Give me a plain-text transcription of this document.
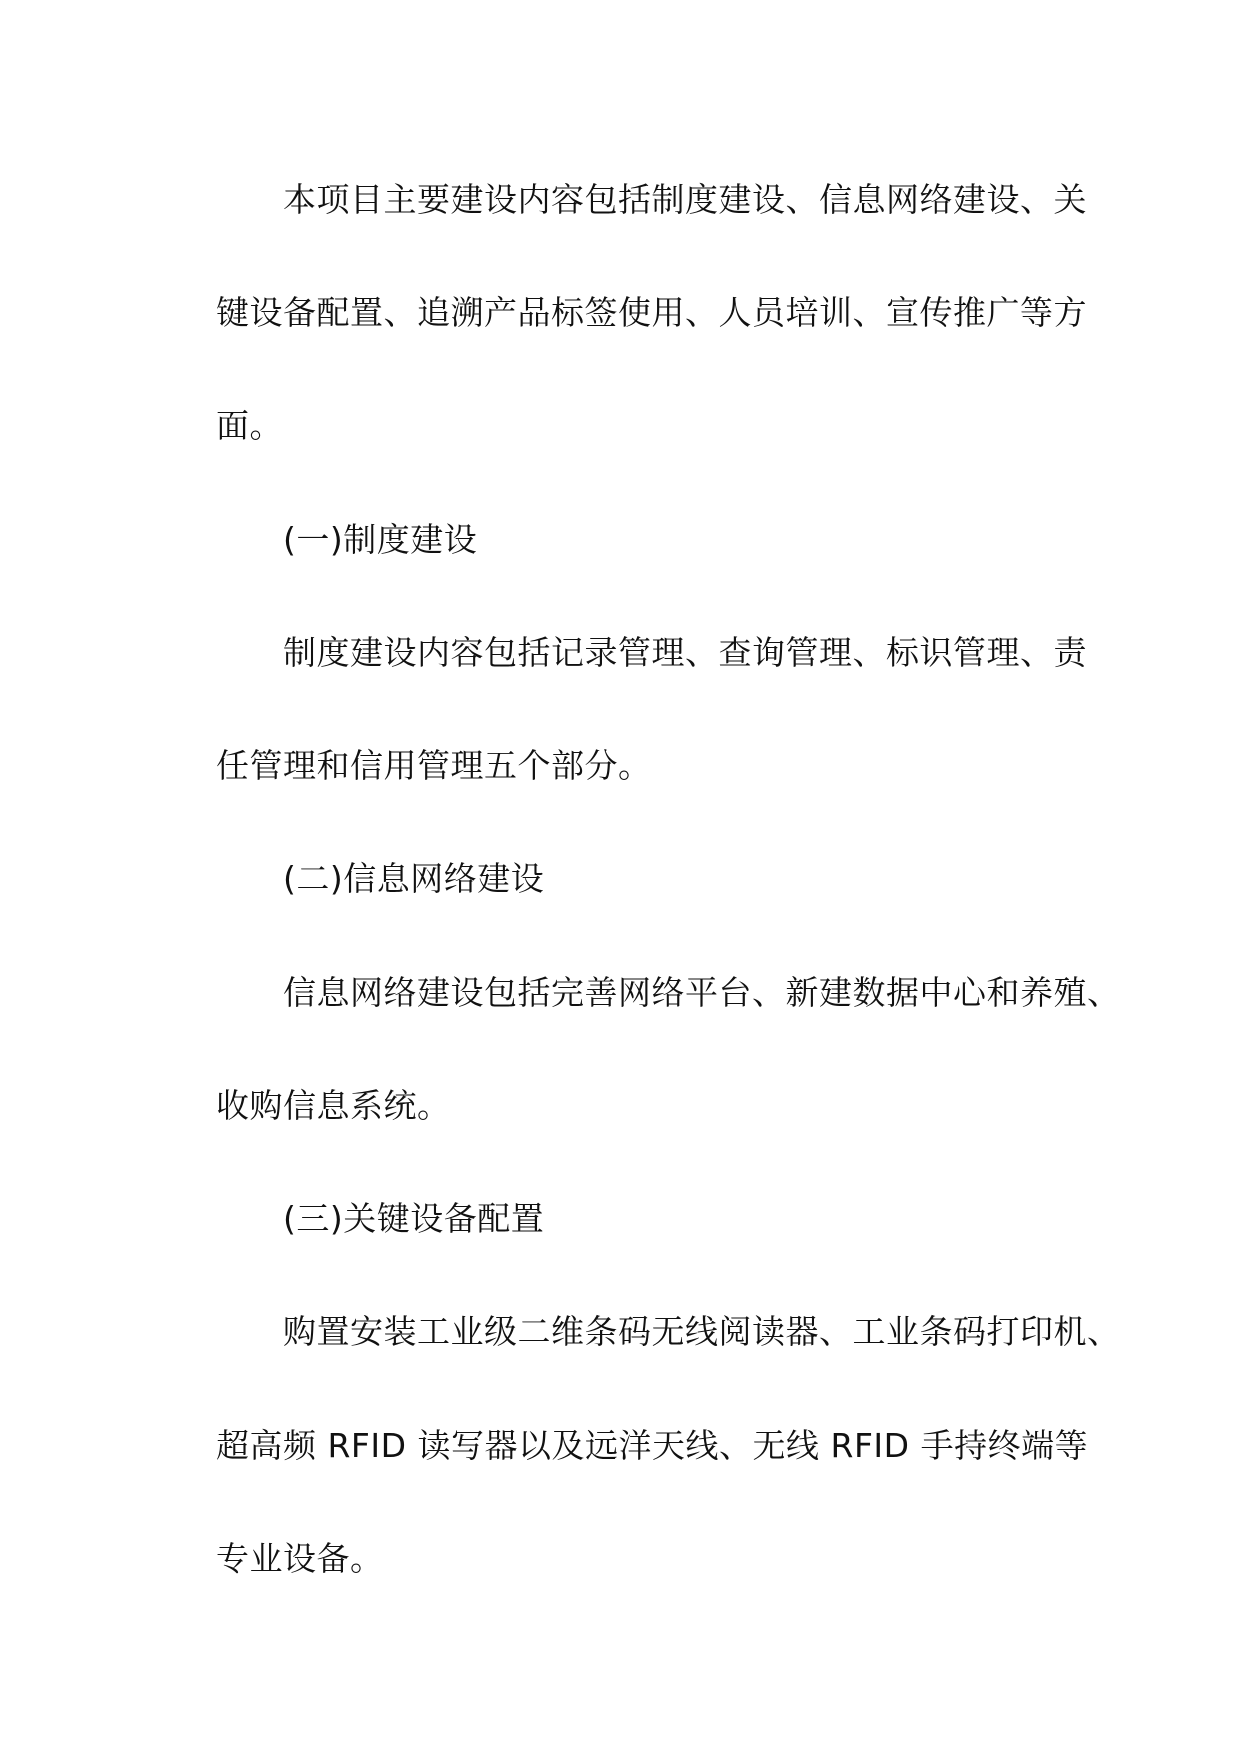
本项目主要建设内容包括制度建设、信息网络建设、关
键设备配置、追溯产品标签使用、人员培训、宣传推广等方
面。
(一)制度建设
制度建设内容包括记录管理、查询管理、标识管理、责
任管理和信用管理五个部分。
(二)信息网络建设
信息网络建设包括完善网络平台、新建数据中心和养殖、
收购信息系统。
(三)关键设备配置
购置安装工业级二维条码无线阅读器、工业条码打印机、
超高频 RFID 读写器以及远洋天线、无线 RFID 手持终端等
专业设备。
